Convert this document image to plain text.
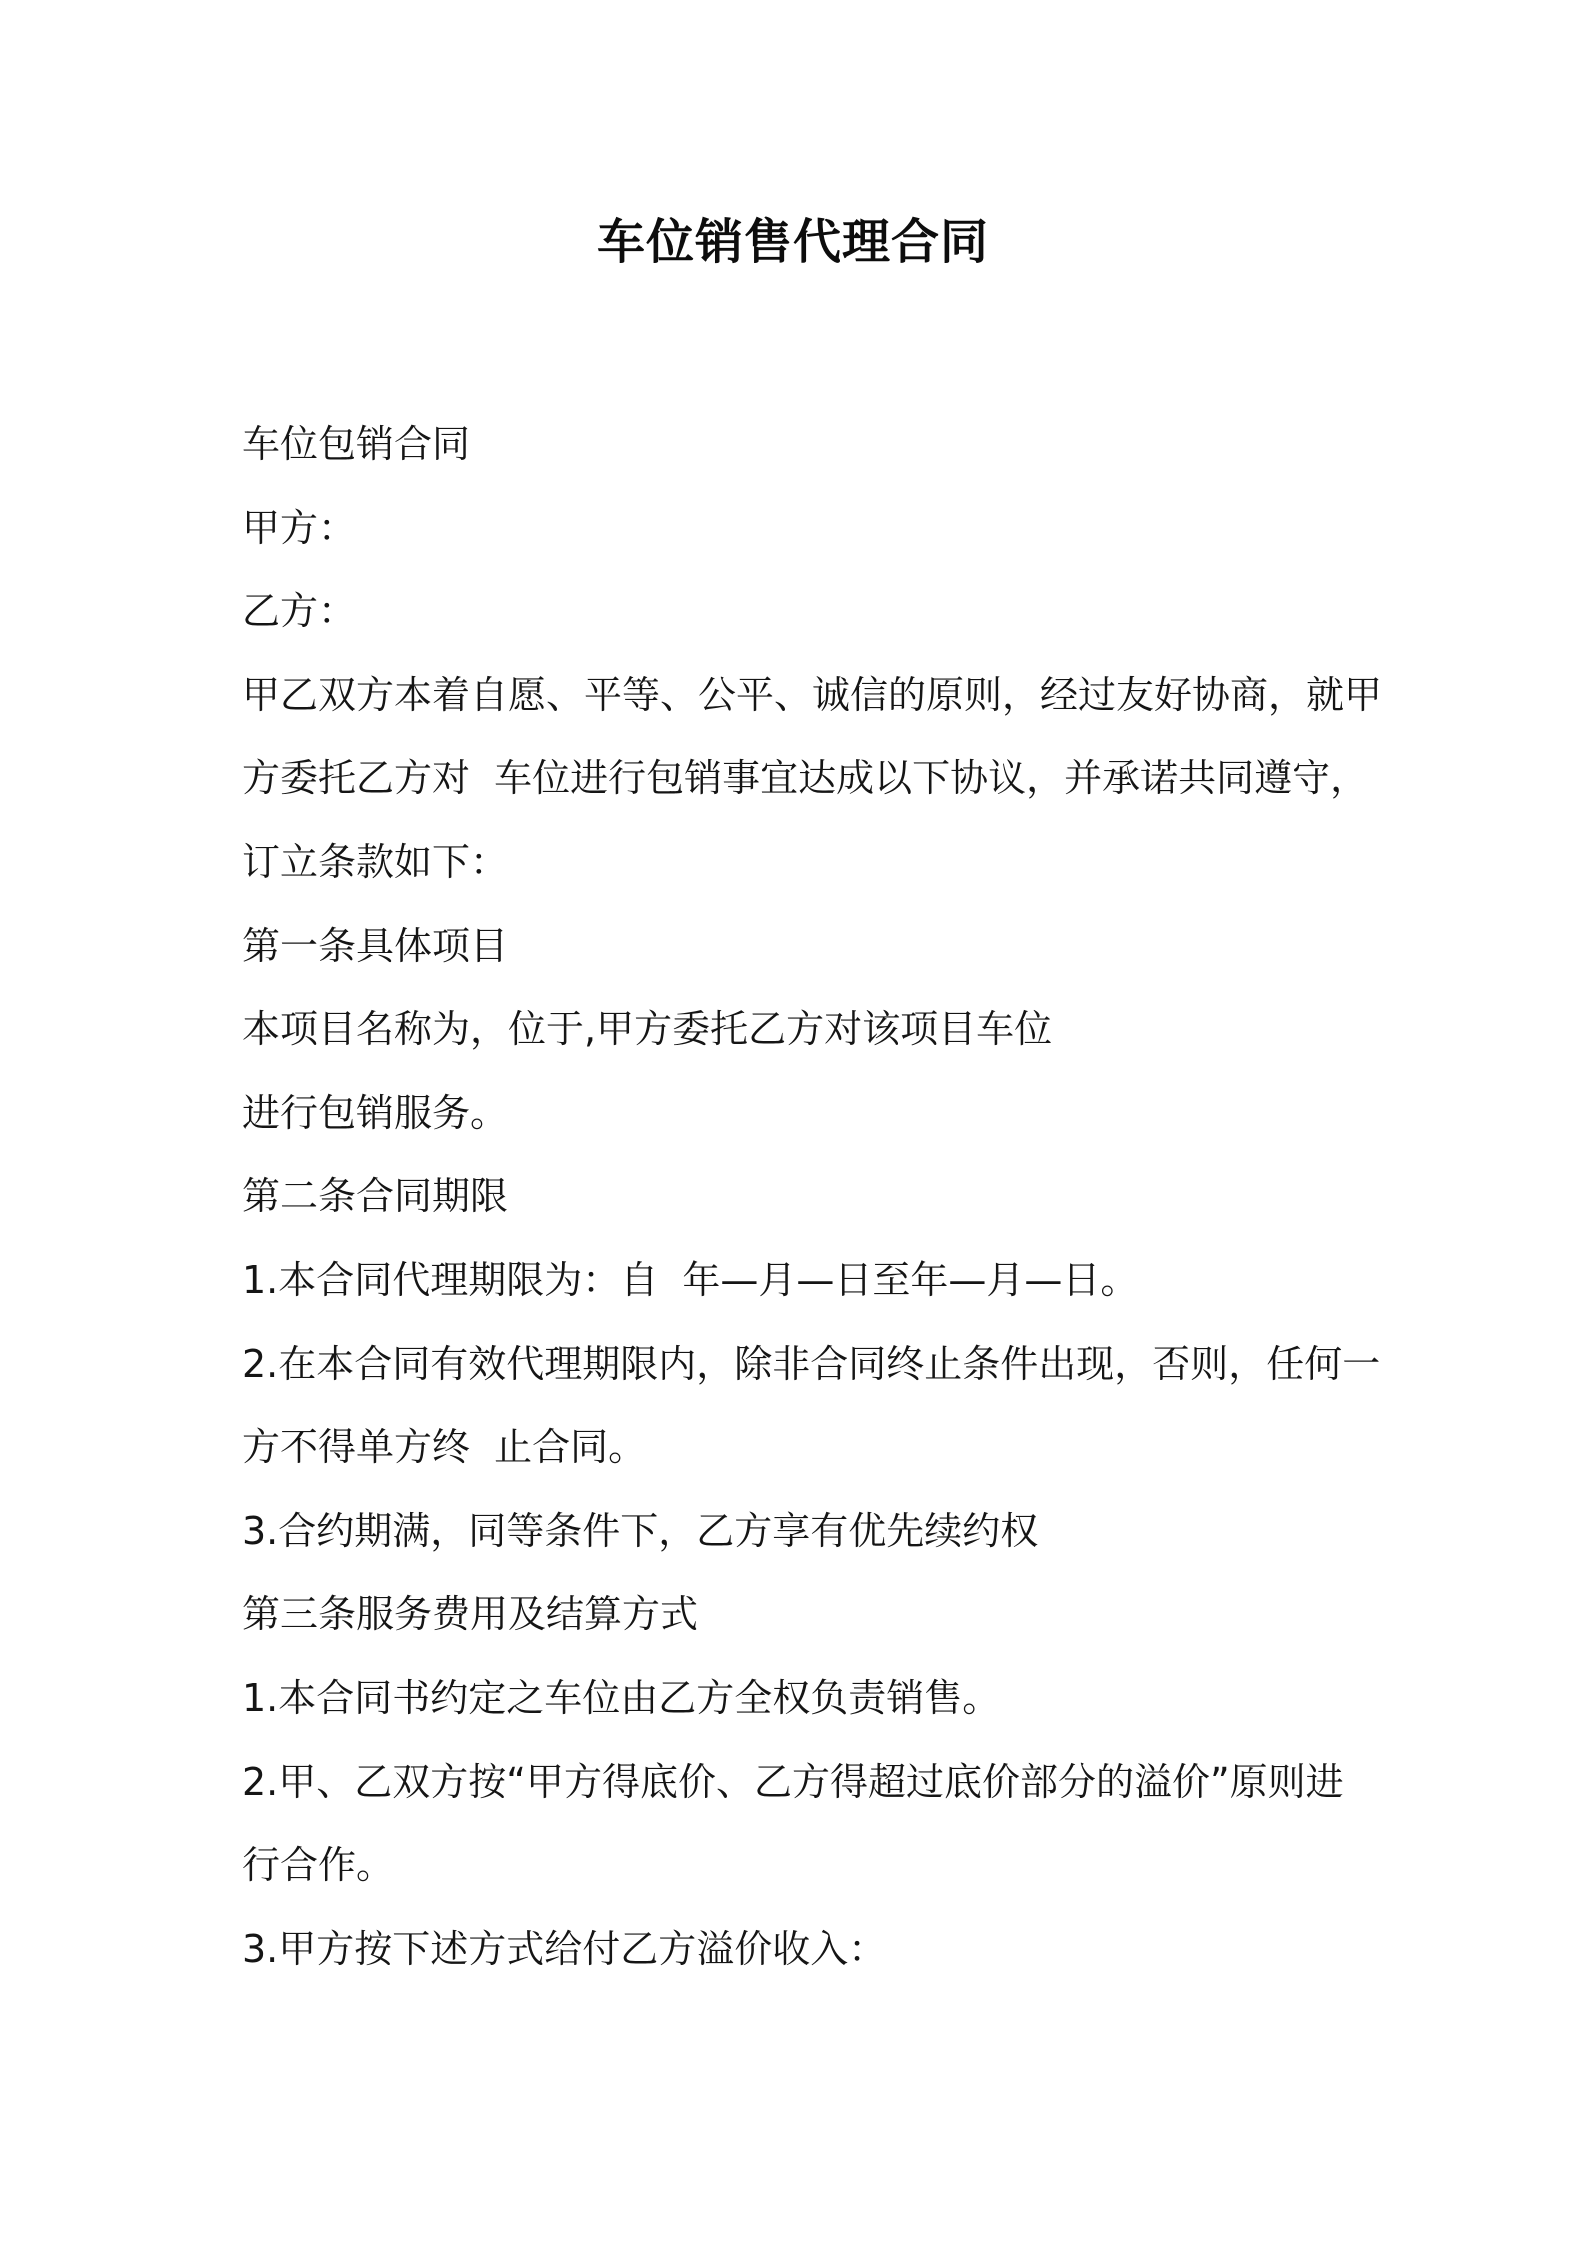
车位销售代理合同
车位包销合同
甲方：
乙方：
甲乙双方本着自愿、平等、公平、诚信的原则，经过友好协商，就甲
方委托乙方对  车位进行包销事宜达成以下协议，并承诺共同遵守，
订立条款如下：
第一条具体项目
本项目名称为，位于,甲方委托乙方对该项目车位
进行包销服务。
第二条合同期限
1.本合同代理期限为：自  年—月—日至年—月—日。
2.在本合同有效代理期限内，除非合同终止条件出现，否则，任何一
方不得单方终  止合同。
3.合约期满，同等条件下，乙方享有优先续约权
第三条服务费用及结算方式
1.本合同书约定之车位由乙方全权负责销售。
2.甲、乙双方按“甲方得底价、乙方得超过底价部分的溢价”原则进
行合作。
3.甲方按下述方式给付乙方溢价收入：
